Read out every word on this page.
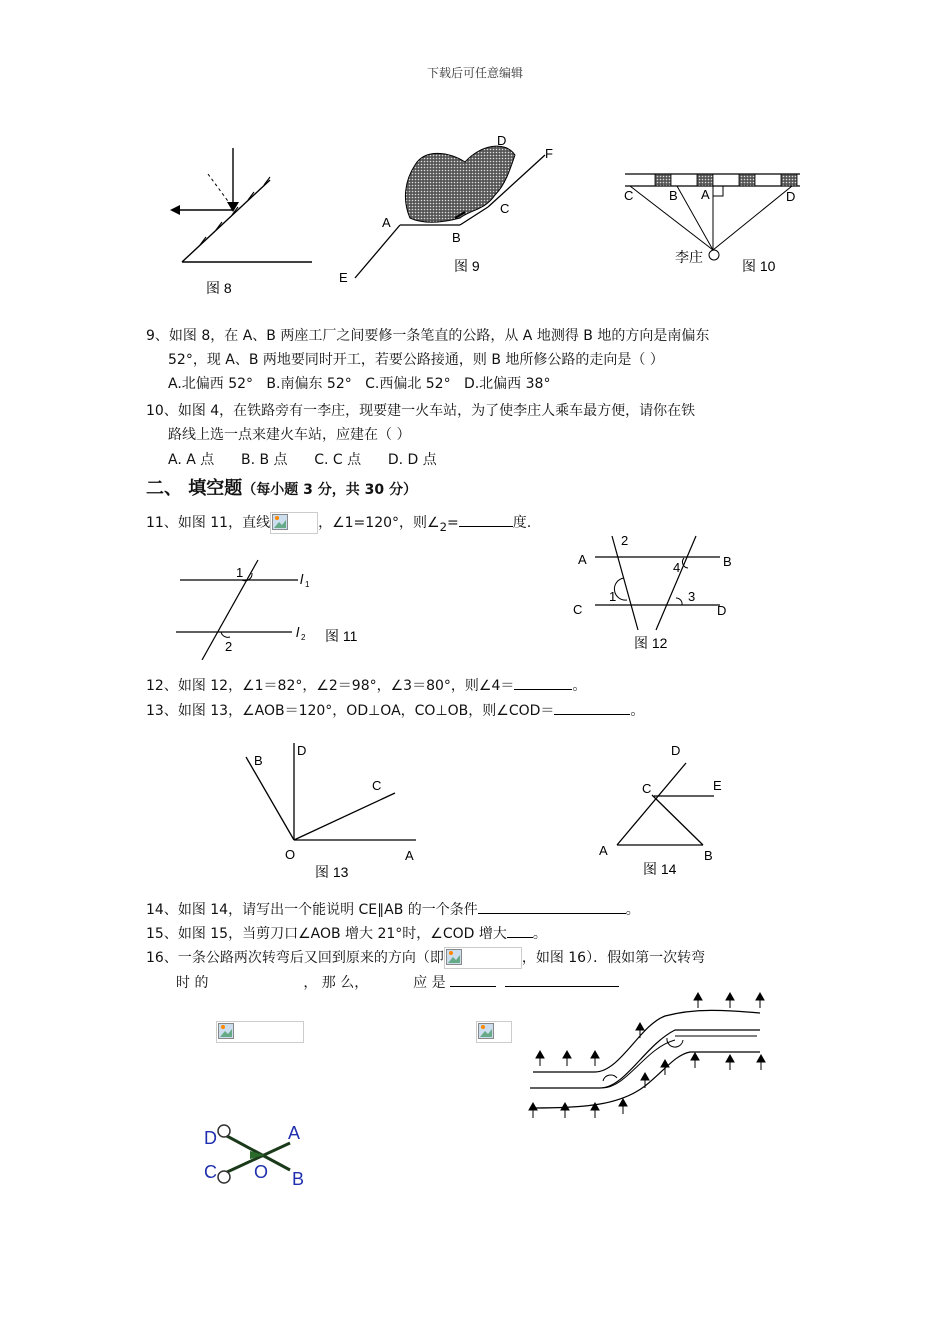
下载后可任意编辑
图 8
D
F
A
C
B
E
图 9
C	B A	D
李庄
图 10
9、如图 8，在 A、B 两座工厂之间要修一条笔直的公路，从 A 地测得 B 地的方向是南偏东
52°，现 A、B 两地要同时开工，若要公路接通，则 B 地所修公路的走向是（ ）
A.北偏西 52° B.南偏东 52° C.西偏北 52° D.北偏西 38°
10、如图 4，在铁路旁有一李庄，现要建一火车站，为了使李庄人乘车最方便，请你在铁
路线上选一点来建火车站，应建在（ ）
A. A 点 B. B 点 C. C 点 D. D 点
二、 填空题（每小题 3 分，共 30 分）
11、如图 11，直线	，∠1=120°，则$\angle_2=$	度.
1
2
l 1
l 2 图 11
A	B
C	D
2
4
1	3
图 12
12、如图 12，∠1＝82°，∠2＝98°，∠3＝80°，则∠4＝	。
13、如图 13，∠AOB＝120°，OD⊥OA，CO⊥OB，则∠COD＝	。
B
D
C
O	A
图 13
D
C	E
A	B
图 14
14、如图 14，请写出一个能说明 CE∥AB 的一个条件	。
15、如图 15，当剪刀口∠AOB 增大 21°时，∠COD 增大 。
16、一条公路两次转弯后又回到原来的方向（即	，如图 16）．假如第一次转弯
时 的	， 那 么，	应 是

D	A
C O B
